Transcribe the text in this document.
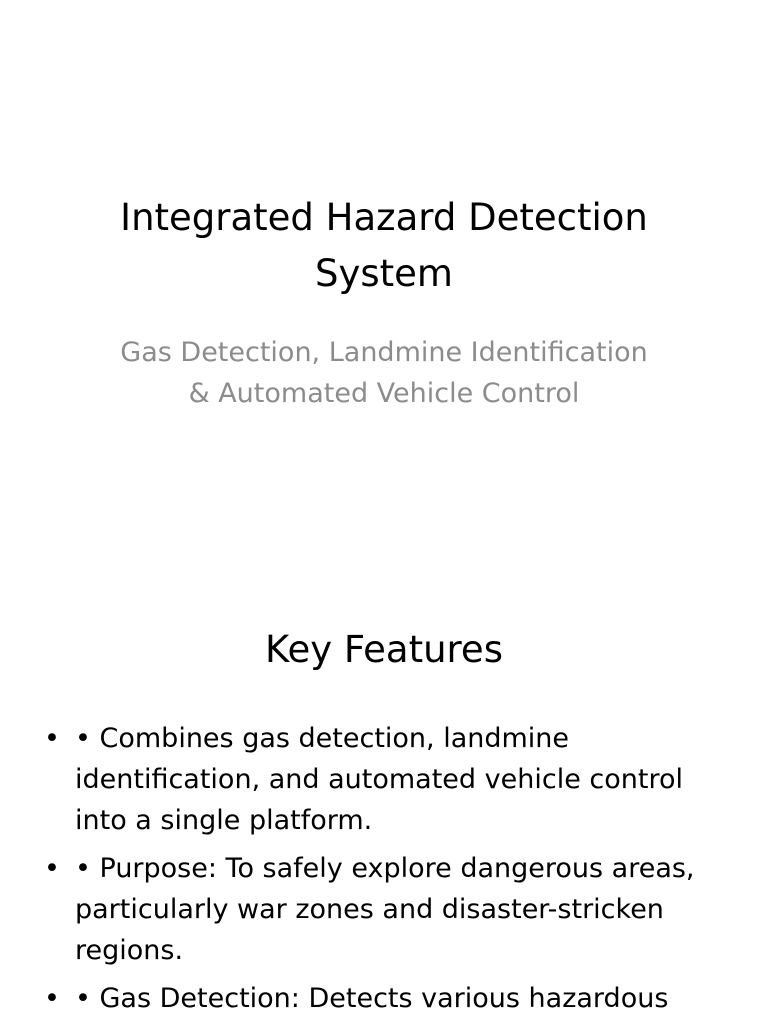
Integrated Hazard Detection System
Gas Detection, Landmine Identification & Automated Vehicle Control
Key Features
• • Combines gas detection, landmine identification, and automated vehicle control into a single platform.
• • Purpose: To safely explore dangerous areas, particularly war zones and disaster-stricken regions.
• • Gas Detection: Detects various hazardous
